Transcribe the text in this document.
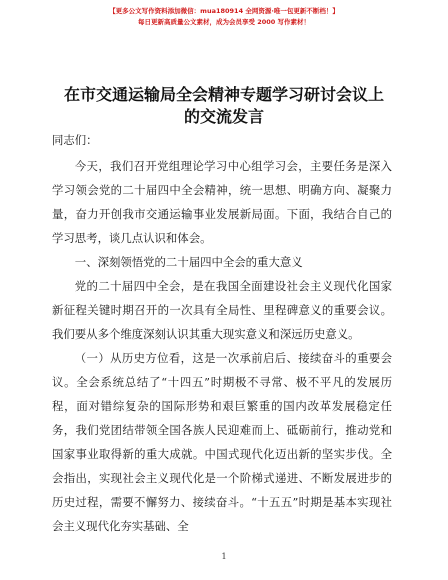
【更多公文写作资料添加微信：mua180914 全网资源·唯一包更新不断档！】
每日更新高质量公文素材，成为会员享受 2000 写作素材！
在市交通运输局全会精神专题学习研讨会议上
的交流发言
同志们：
今天，我们召开党组理论学习中心组学习会，主要任务是深入学习领会党的二十届四中全会精神，统一思想、明确方向、凝聚力量，奋力开创我市交通运输事业发展新局面。下面，我结合自己的学习思考，谈几点认识和体会。
一、深刻领悟党的二十届四中全会的重大意义
党的二十届四中全会，是在我国全面建设社会主义现代化国家新征程关键时期召开的一次具有全局性、里程碑意义的重要会议。我们要从多个维度深刻认识其重大现实意义和深远历史意义。
（一）从历史方位看，这是一次承前启后、接续奋斗的重要会议。全会系统总结了“十四五”时期极不寻常、极不平凡的发展历程，面对错综复杂的国际形势和艰巨繁重的国内改革发展稳定任务，我们党团结带领全国各族人民迎难而上、砥砺前行，推动党和国家事业取得新的重大成就。中国式现代化迈出新的坚实步伐。全会指出，实现社会主义现代化是一个阶梯式递进、不断发展进步的历史过程，需要不懈努力、接续奋斗。“十五五”时期是基本实现社会主义现代化夯实基础、全
1
